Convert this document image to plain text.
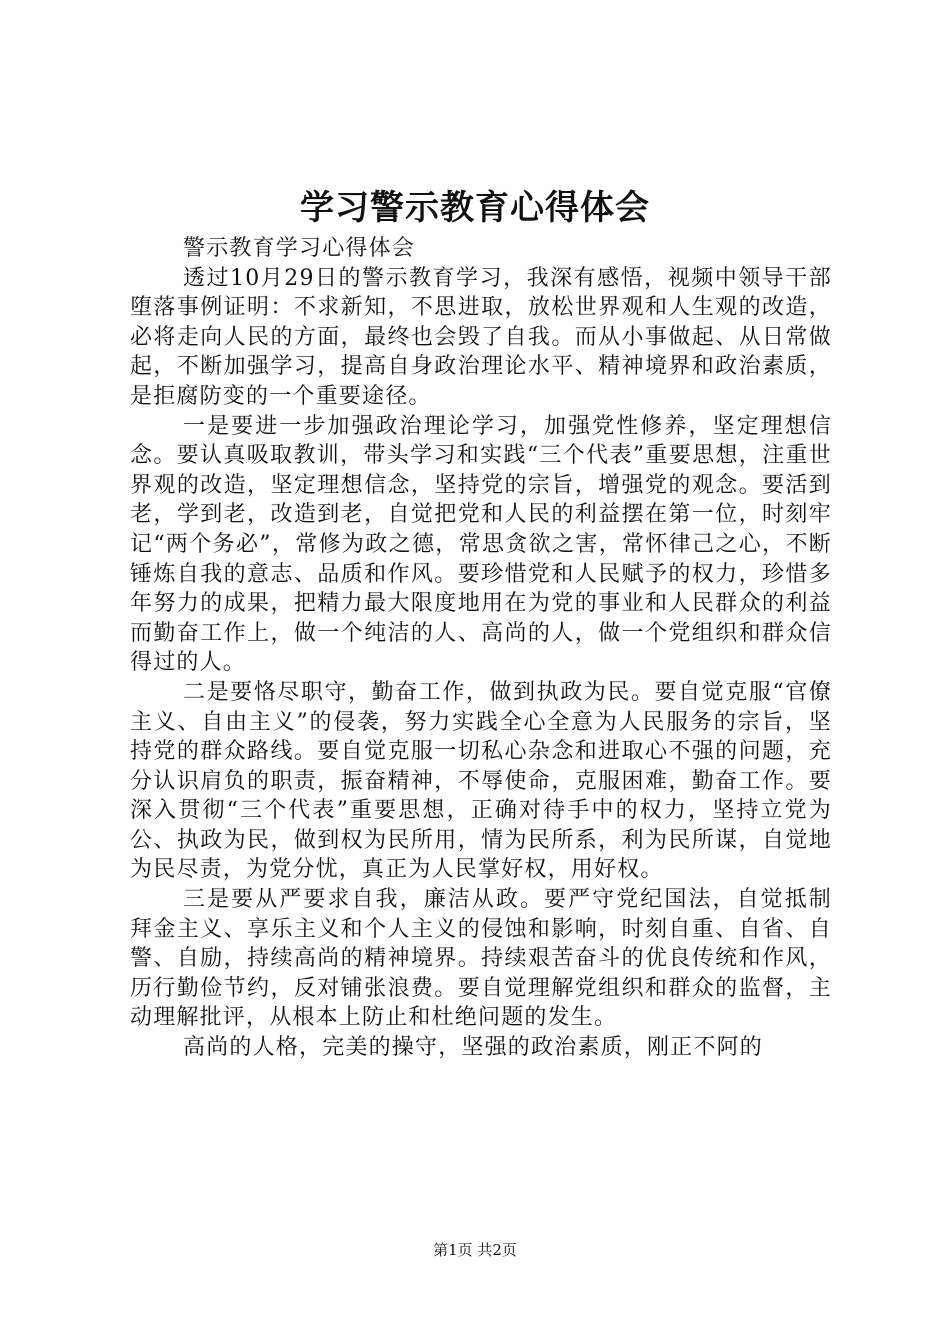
学习警示教育心得体会

警示教育学习心得体会

透过10月29日的警示教育学习，我深有感悟，视频中领导干部堕落事例证明：不求新知，不思进取，放松世界观和人生观的改造，必将走向人民的方面，最终也会毁了自我。而从小事做起、从日常做起，不断加强学习，提高自身政治理论水平、精神境界和政治素质，是拒腐防变的一个重要途径。

一是要进一步加强政治理论学习，加强党性修养，坚定理想信念。要认真吸取教训，带头学习和实践“三个代表”重要思想，注重世界观的改造，坚定理想信念，坚持党的宗旨，增强党的观念。要活到老，学到老，改造到老，自觉把党和人民的利益摆在第一位，时刻牢记“两个务必”，常修为政之德，常思贪欲之害，常怀律己之心，不断锤炼自我的意志、品质和作风。要珍惜党和人民赋予的权力，珍惜多年努力的成果，把精力最大限度地用在为党的事业和人民群众的利益而勤奋工作上，做一个纯洁的人、高尚的人，做一个党组织和群众信得过的人。

二是要恪尽职守，勤奋工作，做到执政为民。要自觉克服“官僚主义、自由主义”的侵袭，努力实践全心全意为人民服务的宗旨，坚持党的群众路线。要自觉克服一切私心杂念和进取心不强的问题，充分认识肩负的职责，振奋精神，不辱使命，克服困难，勤奋工作。要深入贯彻“三个代表”重要思想，正确对待手中的权力，坚持立党为公、执政为民，做到权为民所用，情为民所系，利为民所谋，自觉地为民尽责，为党分忧，真正为人民掌好权，用好权。

三是要从严要求自我，廉洁从政。要严守党纪国法，自觉抵制拜金主义、享乐主义和个人主义的侵蚀和影响，时刻自重、自省、自警、自励，持续高尚的精神境界。持续艰苦奋斗的优良传统和作风，历行勤俭节约，反对铺张浪费。要自觉理解党组织和群众的监督，主动理解批评，从根本上防止和杜绝问题的发生。

高尚的人格，完美的操守，坚强的政治素质，刚正不阿的

第1页 共2页
